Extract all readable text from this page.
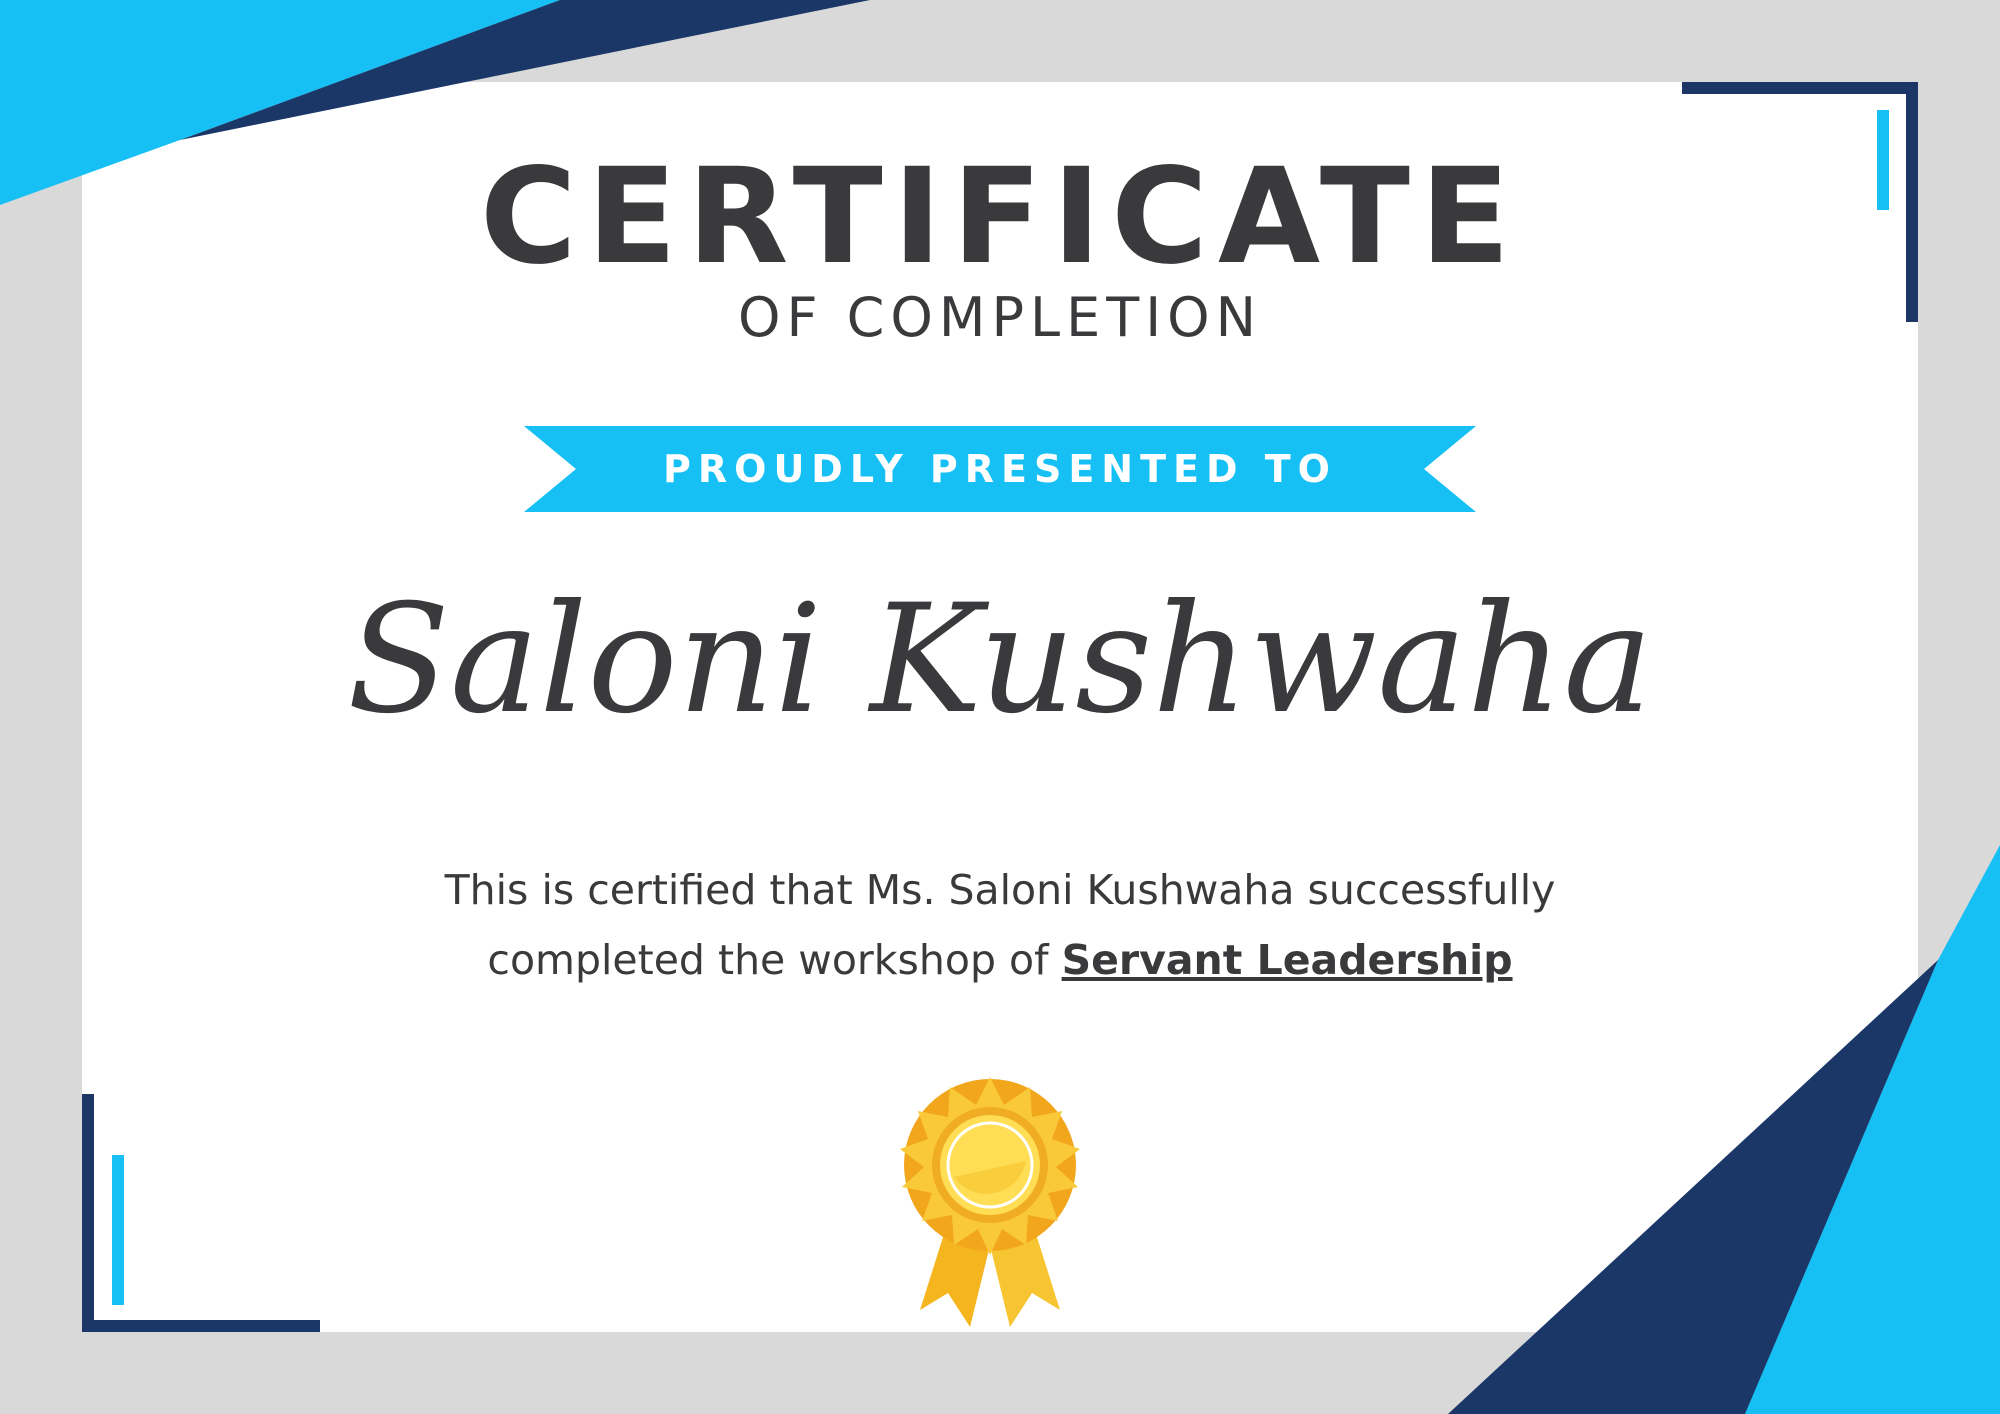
CERTIFICATE
OF COMPLETION
PROUDLY PRESENTED TO
Saloni Kushwaha
This is certified that Ms. Saloni Kushwaha successfully
completed the workshop of Servant Leadership
